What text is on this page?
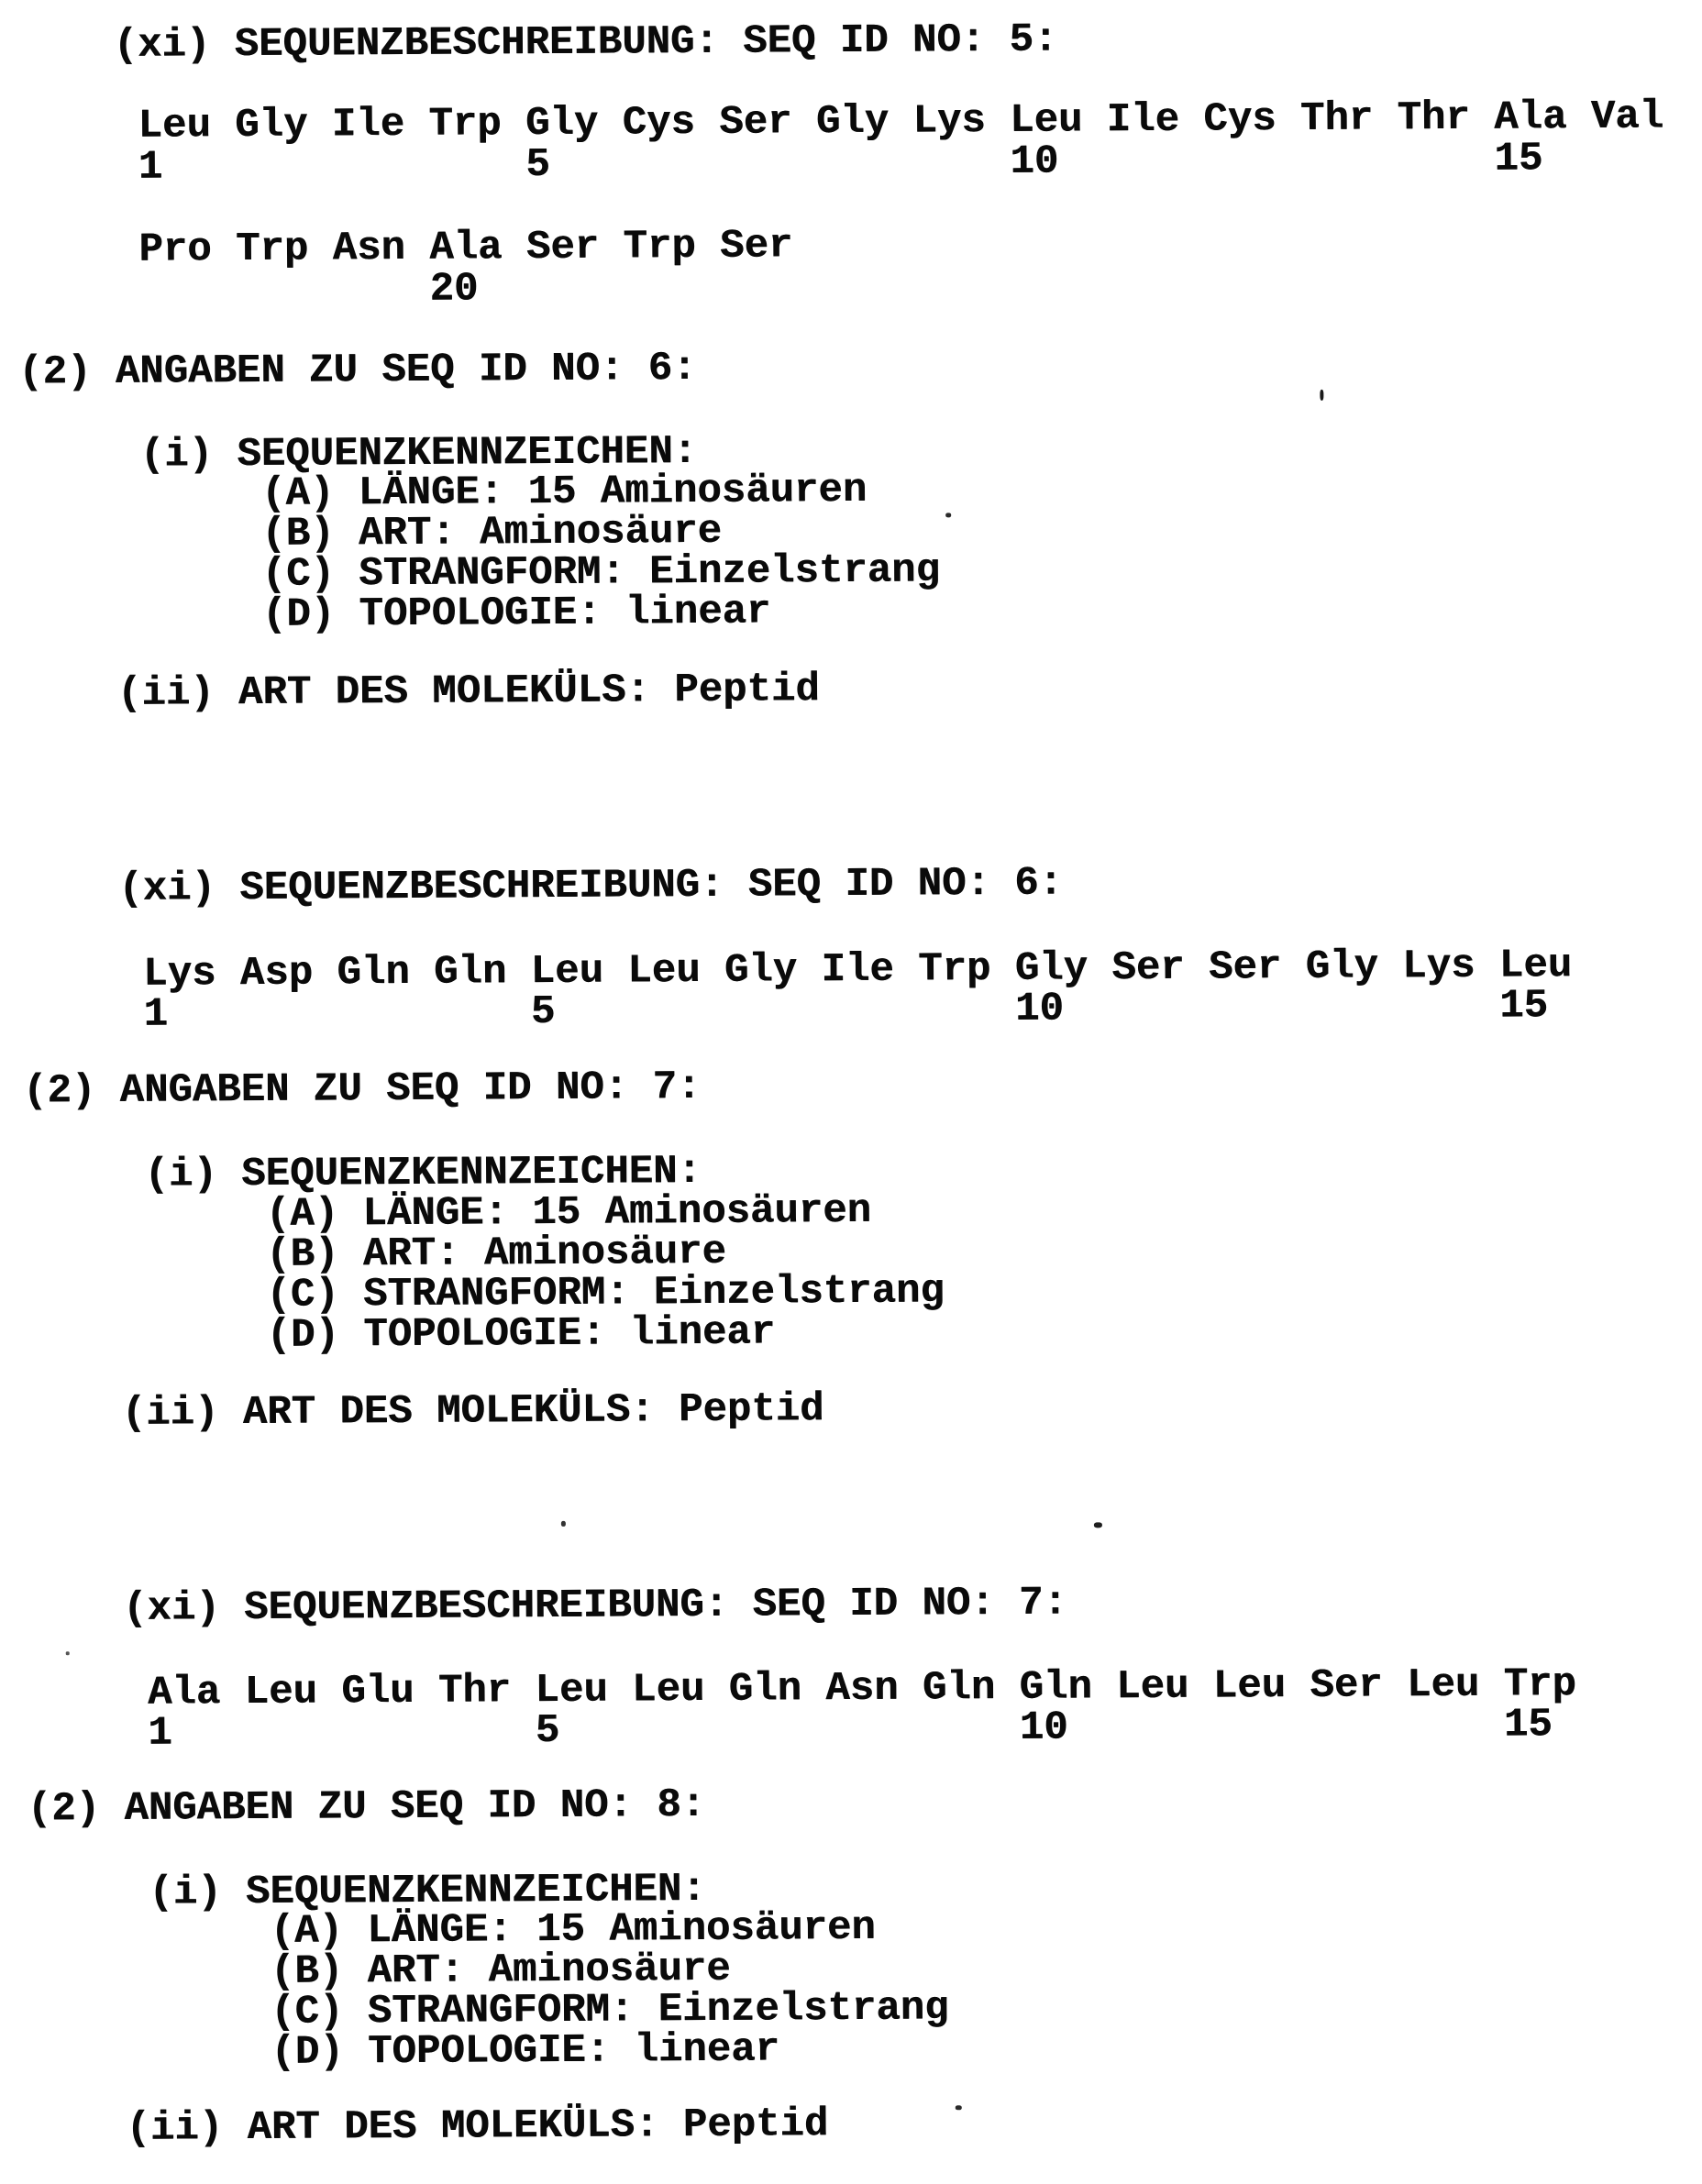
(xi) SEQUENZBESCHREIBUNG: SEQ ID NO: 5:
Leu Gly Ile Trp Gly Cys Ser Gly Lys Leu Ile Cys Thr Thr Ala Val
1               5                   10                  15
Pro Trp Asn Ala Ser Trp Ser
20
(2) ANGABEN ZU SEQ ID NO: 6:
(i) SEQUENZKENNZEICHEN:
(A) LÄNGE: 15 Aminosäuren
(B) ART: Aminosäure
(C) STRANGFORM: Einzelstrang
(D) TOPOLOGIE: linear
(ii) ART DES MOLEKÜLS: Peptid
(xi) SEQUENZBESCHREIBUNG: SEQ ID NO: 6:
Lys Asp Gln Gln Leu Leu Gly Ile Trp Gly Ser Ser Gly Lys Leu
1               5                   10                  15
(2) ANGABEN ZU SEQ ID NO: 7:
(i) SEQUENZKENNZEICHEN:
(A) LÄNGE: 15 Aminosäuren
(B) ART: Aminosäure
(C) STRANGFORM: Einzelstrang
(D) TOPOLOGIE: linear
(ii) ART DES MOLEKÜLS: Peptid
(xi) SEQUENZBESCHREIBUNG: SEQ ID NO: 7:
Ala Leu Glu Thr Leu Leu Gln Asn Gln Gln Leu Leu Ser Leu Trp
1               5                   10                  15
(2) ANGABEN ZU SEQ ID NO: 8:
(i) SEQUENZKENNZEICHEN:
(A) LÄNGE: 15 Aminosäuren
(B) ART: Aminosäure
(C) STRANGFORM: Einzelstrang
(D) TOPOLOGIE: linear
(ii) ART DES MOLEKÜLS: Peptid
